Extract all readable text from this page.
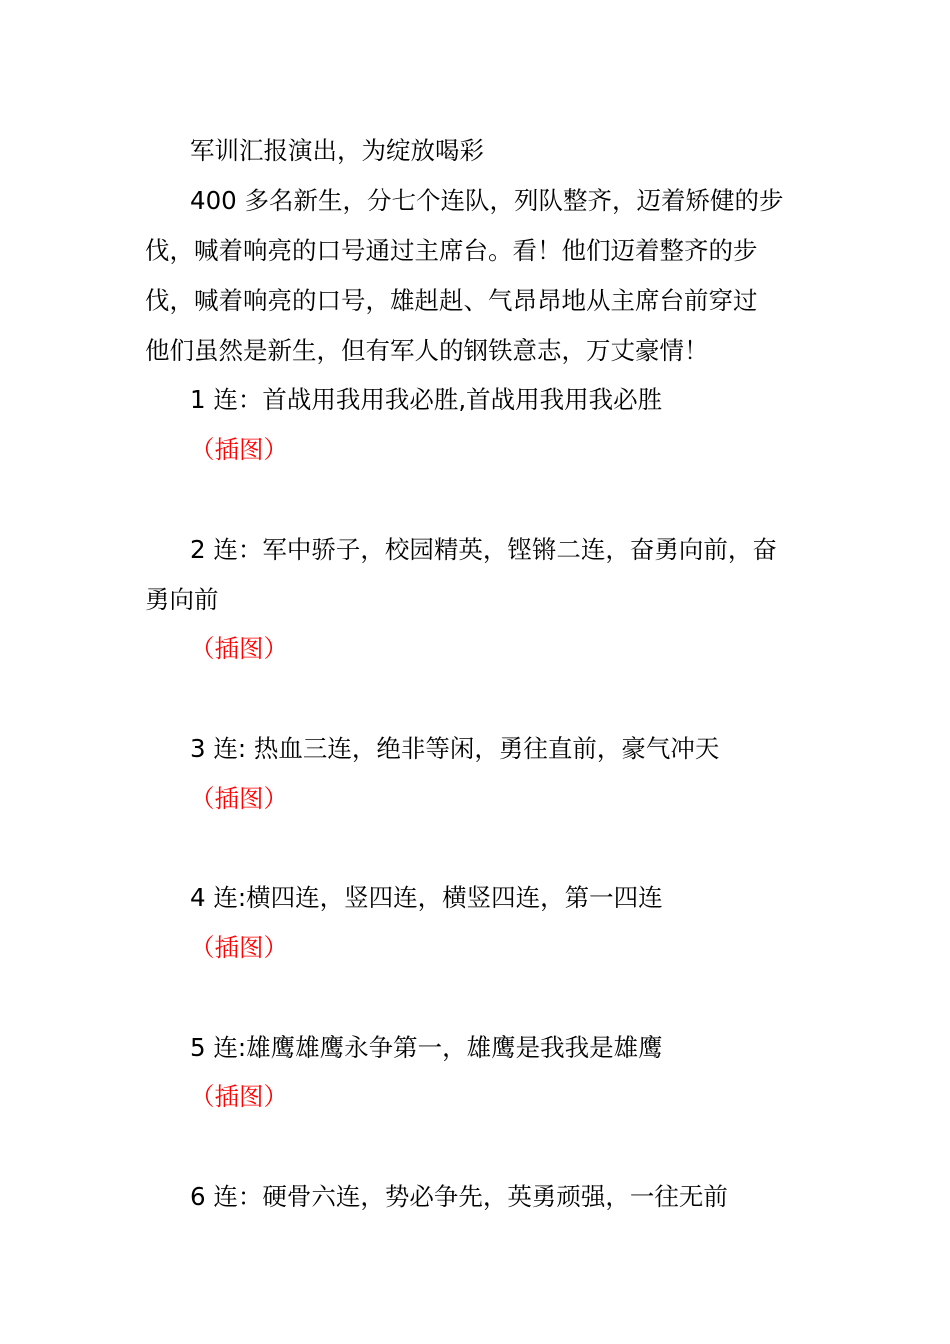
军训汇报演出，为绽放喝彩
400 多名新生，分七个连队，列队整齐，迈着矫健的步
伐，喊着响亮的口号通过主席台。看！他们迈着整齐的步
伐，喊着响亮的口号，雄赳赳、气昂昂地从主席台前穿过
他们虽然是新生，但有军人的钢铁意志，万丈豪情！
1 连：首战用我用我必胜,首战用我用我必胜
（插图）
2 连：军中骄子，校园精英，铿锵二连，奋勇向前，奋
勇向前
（插图）
3 连: 热血三连，绝非等闲，勇往直前，豪气冲天
（插图）
4 连:横四连，竖四连，横竖四连，第一四连
（插图）
5 连:雄鹰雄鹰永争第一，雄鹰是我我是雄鹰
（插图）
6 连：硬骨六连，势必争先，英勇顽强，一往无前
